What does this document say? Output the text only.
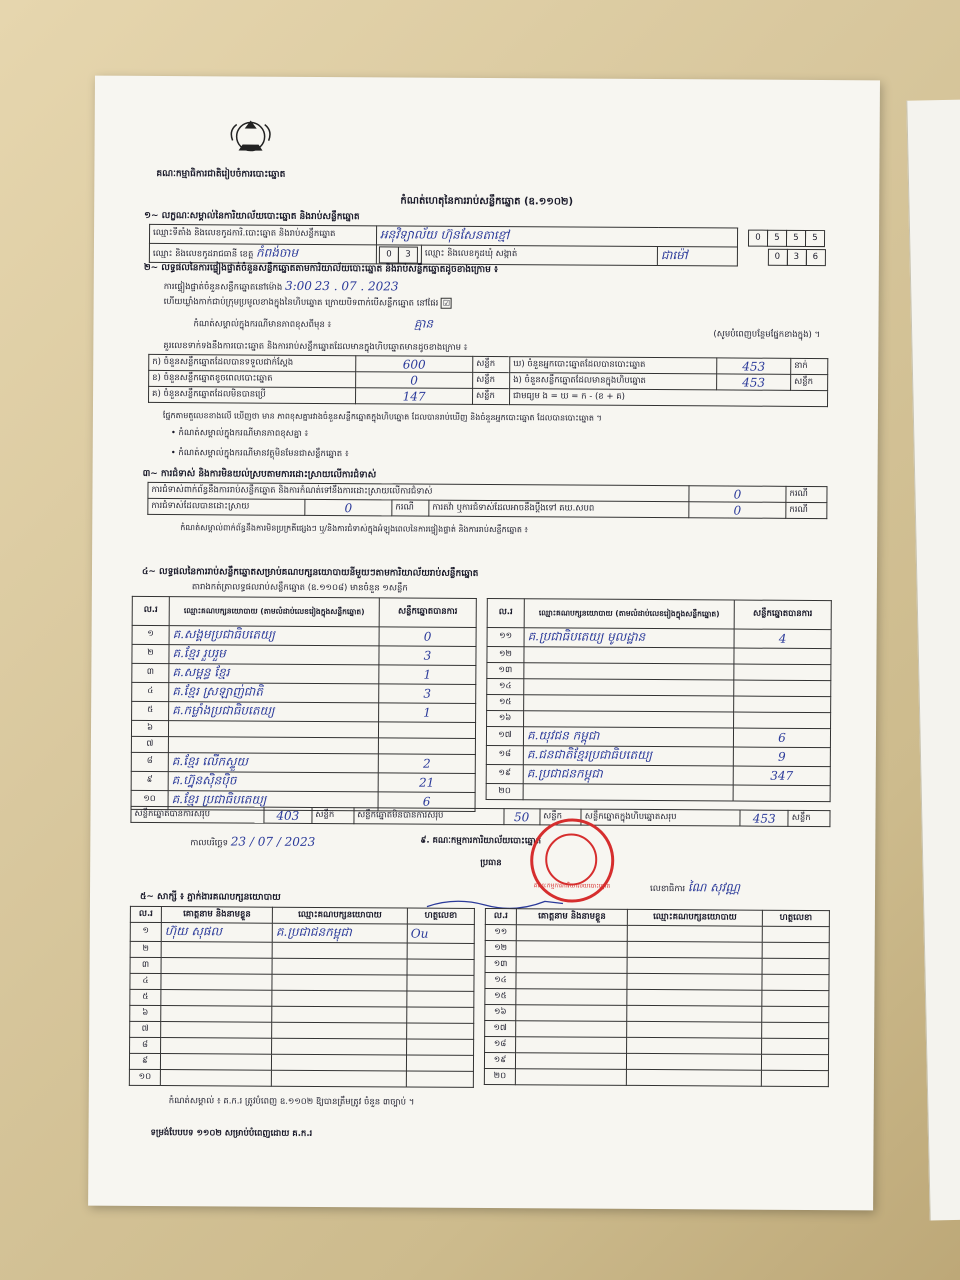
គណៈកម្មាធិការជាតិរៀបចំការបោះឆ្នោត
កំណត់ហេតុនៃការរាប់សន្លឹកឆ្នោត (ឧ.១១០២)
១~ លក្ខណៈសម្គាល់នៃការិយាល័យបោះឆ្នោត និងរាប់សន្លឹកឆ្នោត
ឈ្មោះទីតាំង និងលេខកូដការិ.បោះឆ្នោត និងរាប់សន្លឹកឆ្នោត	អនុវិទ្យាល័យ ហ៊ុនសែនតាខ្មៅ			0 5 5 5
ឈ្មោះ និងលេខកូដរាជធានី ខេត្ត កំពង់ចាម	0 3	ឈ្មោះ និងលេខកូដឃុំ សង្កាត់	ជាម៉ៅ	0 3 6
២~ លទ្ធផលនៃការផ្ទៀងផ្ទាត់ចំនួនសន្លឹកឆ្នោតតាមការិយាល័យបោះឆ្នោត និងរាប់សន្លឹកឆ្នោតដូចខាងក្រោម ៖
ការផ្ទៀងផ្ទាត់ចំនួនសន្លឹកឆ្នោតនៅម៉ោង 3:00 23 . 07 . 2023
ហើយឃ្លាំងកាក់ជាប់ក្រុមប្រមូលខាងក្នុងនៃហិបឆ្នោត ក្រោយបិទពាក់បើសន្លឹកឆ្នោត នៅផែរ ☑
កំណត់សម្គាល់ក្នុងករណីមានភាពខុសពីមុន ៖	គ្មាន
(សូមបំពេញបន្ថែមផ្នែកខាងក្នុង) ។
គួរលេខទាក់ទងនឹងការបោះឆ្នោត និងការរាប់សន្លឹកឆ្នោតដែលមានក្នុងហិបឆ្នោតមានដូចខាងក្រោម ៖
ក) ចំនួនសន្លឹកឆ្នោតដែលបានទទួលជាក់ស្តែង	600	សន្លឹក	ឃ) ចំនួនអ្នកបោះឆ្នោតដែលបានបោះឆ្នោត	453	នាក់
ខ) ចំនួនសន្លឹកឆ្នោតខូចពេលបោះឆ្នោត	0	សន្លឹក	ង) ចំនួនសន្លឹកឆ្នោតដែលមានក្នុងហិបឆ្នោត	453	សន្លឹក
គ) ចំនួនសន្លឹកឆ្នោតដែលមិនបានប្រើ	147	សន្លឹក	ជាមធ្យម ង = ឃ = ក - (ខ + គ)		
ផ្នែកតាមតួលេខខាងលើ ឃើញថា មាន ភាពខុសគ្នារវាងចំនួនសន្លឹកឆ្នោតក្នុងហិបឆ្នោត ដែលបានរាប់ឃើញ និងចំនួនអ្នកបោះឆ្នោត ដែលបានបោះឆ្នោត ។
• កំណត់សម្គាល់ក្នុងករណីមានភាពខុសគ្នា ៖
• កំណត់សម្គាល់ក្នុងករណីមានវត្ថុមិនមែនជាសន្លឹកឆ្នោត ៖
៣~ ការជំទាស់ និងការមិនយល់ស្របតាមការដោះស្រាយលើការជំទាស់
ការជំទាស់ពាក់ព័ន្ធនឹងការរាប់សន្លឹកឆ្នោត និងការកំណត់ទៅនឹងការដោះស្រាយលើការជំទាស់				0	ករណី
ការជំទាស់ដែលបានដោះស្រាយ	0	ករណី	ការតវ៉ា ឬការជំទាស់ដែលអាចនឹងប្តឹងទៅ គឃ.សបព	0	ករណី
កំណត់សម្គាល់ពាក់ព័ន្ធនឹងការមិនប្រក្រតីផ្សេងៗ ឬ/និងការជំទាស់ក្នុងអំឡុងពេលនៃការផ្ទៀងផ្ទាត់ និងការរាប់សន្លឹកឆ្នោត ៖
៤~ លទ្ធផលនៃការរាប់សន្លឹកឆ្នោតសម្រាប់គណបក្សនយោបាយនីមួយៗតាមការិយាល័យរាប់សន្លឹកឆ្នោត
តារាងកត់ត្រាលទ្ធផលរាប់សន្លឹកឆ្នោត (ឧ.១១០៨) មានចំនួន ១សន្លឹក
ល.រ	ឈ្មោះគណបក្សនយោបាយ (តាមលំដាប់លេខរៀងក្នុងសន្លឹកឆ្នោត)	សន្លឹកឆ្នោតបានការ
១	គ.សង្គមប្រជាធិបតេយ្យ	0
២	គ.ខ្មែរ រួបរួម	3
៣	គ.សម្ពន្ធ ខ្មែរ	1
៤	គ.ខ្មែរ ស្រឡាញ់ជាតិ	3
៥	គ.កម្លាំងប្រជាធិបតេយ្យ	1
៦		
៧		
៨	គ.ខ្មែរ លើកស្ទួយ	2
៩	គ.ហ្វ៊ុនស៊ិនប៉ិច	21
១០	គ.ខ្មែរ ប្រជាធិបតេយ្យ	6
ល.រ	ឈ្មោះគណបក្សនយោបាយ (តាមលំដាប់លេខរៀងក្នុងសន្លឹកឆ្នោត)	សន្លឹកឆ្នោតបានការ
១១	គ.ប្រជាធិបតេយ្យ មូលដ្ឋាន	4
១២		
១៣		
១៤		
១៥		
១៦		
១៧	គ.យុវជន កម្ពុជា	6
១៨	គ.ជនជាតិខ្មែរប្រជាធិបតេយ្យ	9
១៩	គ.ប្រជាជនកម្ពុជា	347
២០		
សន្លឹកឆ្នោតបានការសរុប	403	សន្លឹក	សន្លឹកឆ្នោតមិនបានការសរុប	50	សន្លឹក	សន្លឹកឆ្នោតក្នុងហិបឆ្នោតសរុប	453	សន្លឹក
កាលបរិច្ឆេទ 23 / 07 / 2023	៩. គណៈកម្មការការិយាល័យបោះឆ្នោត
ប្រធាន
លេខាធិការ ណៃ សុវណ្ណ
គណៈកម្មការការិយាល័យបោះឆ្នោត
៥~ សាក្សី ៖ ភ្នាក់ងារគណបក្សនយោបាយ
ល.រ	គោត្តនាម និងនាមខ្លួន	ឈ្មោះគណបក្សនយោបាយ	ហត្ថលេខា
១	ហ៊ុយ សុផល	គ.ប្រជាជនកម្ពុជា	Ou
២			
៣			
៤			
៥			
៦			
៧			
៨			
៩			
១០			
ល.រ	គោត្តនាម និងនាមខ្លួន	ឈ្មោះគណបក្សនយោបាយ	ហត្ថលេខា
១១			
១២			
១៣			
១៤			
១៥			
១៦			
១៧			
១៨			
១៩			
២០			
កំណត់សម្គាល់ ៖ គ.ក.រ ត្រូវបំពេញ ឧ.១១០២ ឱ្យបានត្រឹមត្រូវ ចំនួន ៣ច្បាប់ ។
ទម្រង់បែបបទ ១១០២ សម្រាប់បំពេញដោយ គ.ក.រ
